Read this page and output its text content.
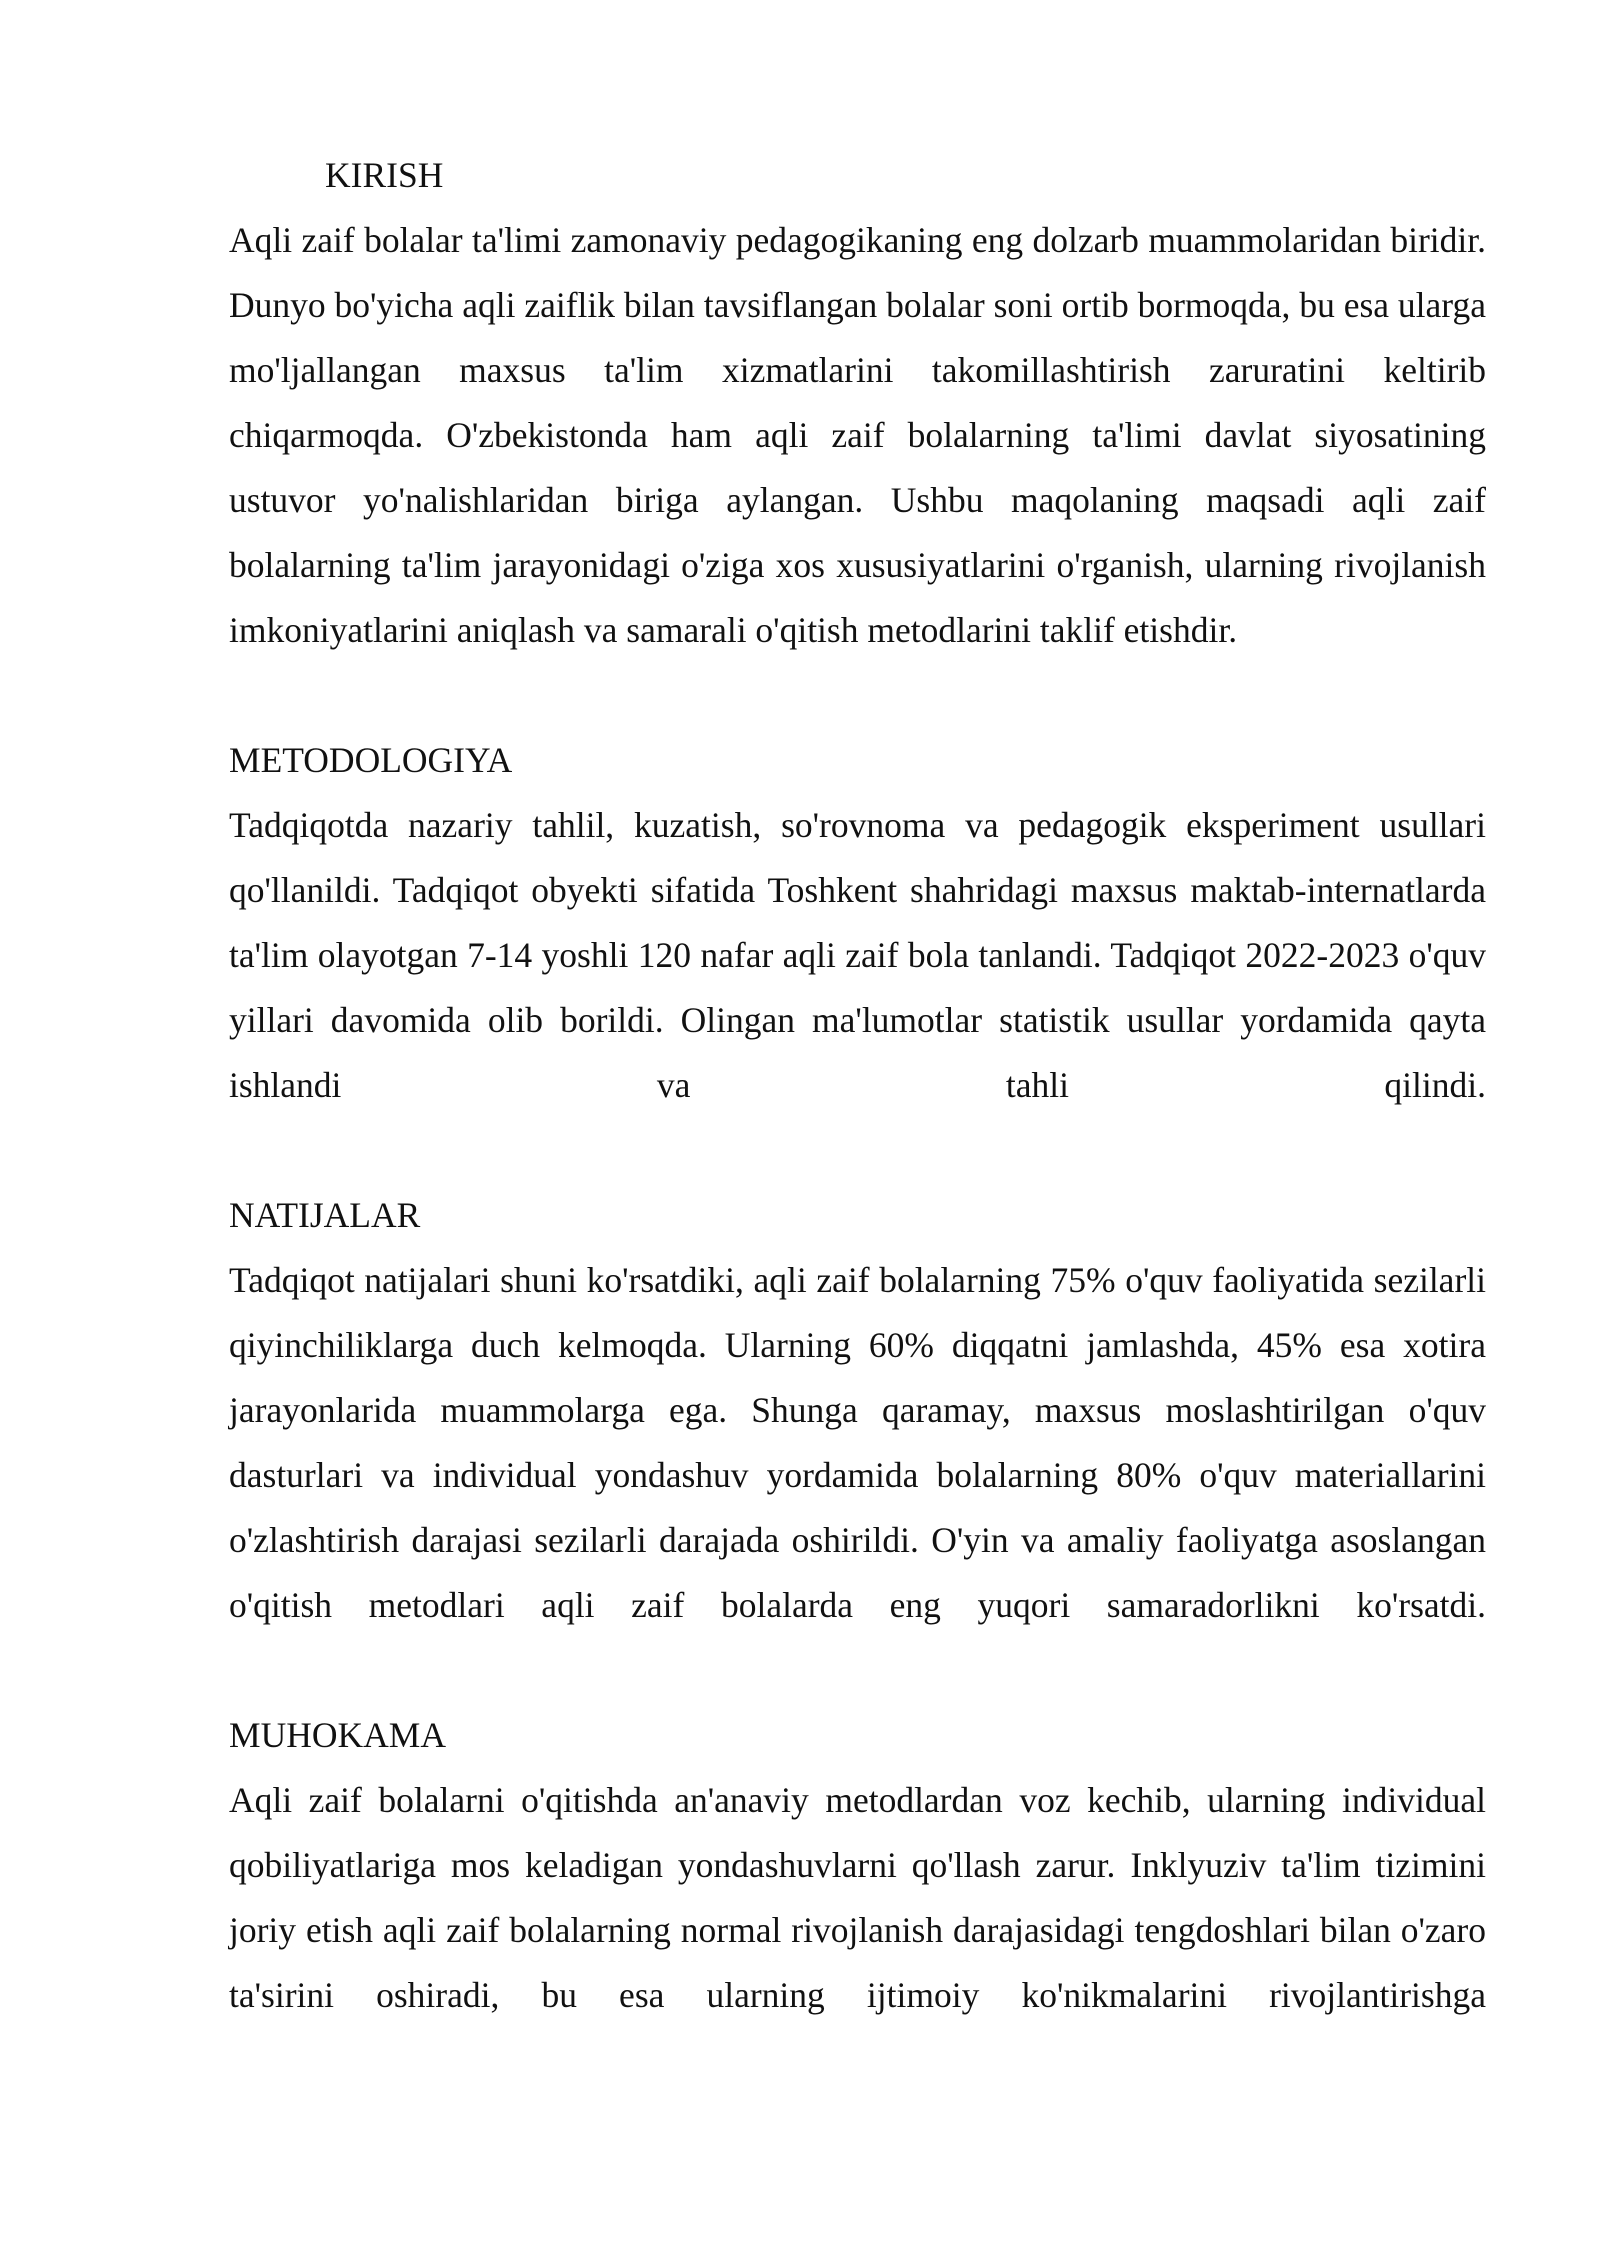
KIRISH

Aqli zaif bolalar ta'limi zamonaviy pedagogikaning eng dolzarb muammolaridan biridir. Dunyo bo'yicha aqli zaiflik bilan tavsiflangan bolalar soni ortib bormoqda, bu esa ularga mo'ljallangan maxsus ta'lim xizmatlarini takomillashtirish zaruratini keltirib chiqarmoqda. O'zbekistonda ham aqli zaif bolalarning ta'limi davlat siyosatining ustuvor yo'nalishlaridan biriga aylangan. Ushbu maqolaning maqsadi aqli zaif bolalarning ta'lim jarayonidagi o'ziga xos xususiyatlarini o'rganish, ularning rivojlanish imkoniyatlarini aniqlash va samarali o'qitish metodlarini taklif etishdir.

METODOLOGIYA

Tadqiqotda nazariy tahlil, kuzatish, so'rovnoma va pedagogik eksperiment usullari qo'llanildi. Tadqiqot obyekti sifatida Toshkent shahridagi maxsus maktab-internatlarda ta'lim olayotgan 7-14 yoshli 120 nafar aqli zaif bola tanlandi. Tadqiqot 2022-2023 o'quv yillari davomida olib borildi. Olingan ma'lumotlar statistik usullar yordamida qayta ishlandi va tahli qilindi.

NATIJALAR

Tadqiqot natijalari shuni ko'rsatdiki, aqli zaif bolalarning 75% o'quv faoliyatida sezilarli qiyinchiliklarga duch kelmoqda. Ularning 60% diqqatni jamlashda, 45% esa xotira jarayonlarida muammolarga ega. Shunga qaramay, maxsus moslashtirilgan o'quv dasturlari va individual yondashuv yordamida bolalarning 80% o'quv materiallarini o'zlashtirish darajasi sezilarli darajada oshirildi. O'yin va amaliy faoliyatga asoslangan o'qitish metodlari aqli zaif bolalarda eng yuqori samaradorlikni ko'rsatdi.

MUHOKAMA

Aqli zaif bolalarni o'qitishda an'anaviy metodlardan voz kechib, ularning individual qobiliyatlariga mos keladigan yondashuvlarni qo'llash zarur. Inklyuziv ta'lim tizimini joriy etish aqli zaif bolalarning normal rivojlanish darajasidagi tengdoshlari bilan o'zaro ta'sirini oshiradi, bu esa ularning ijtimoiy ko'nikmalarini rivojlantirishga
